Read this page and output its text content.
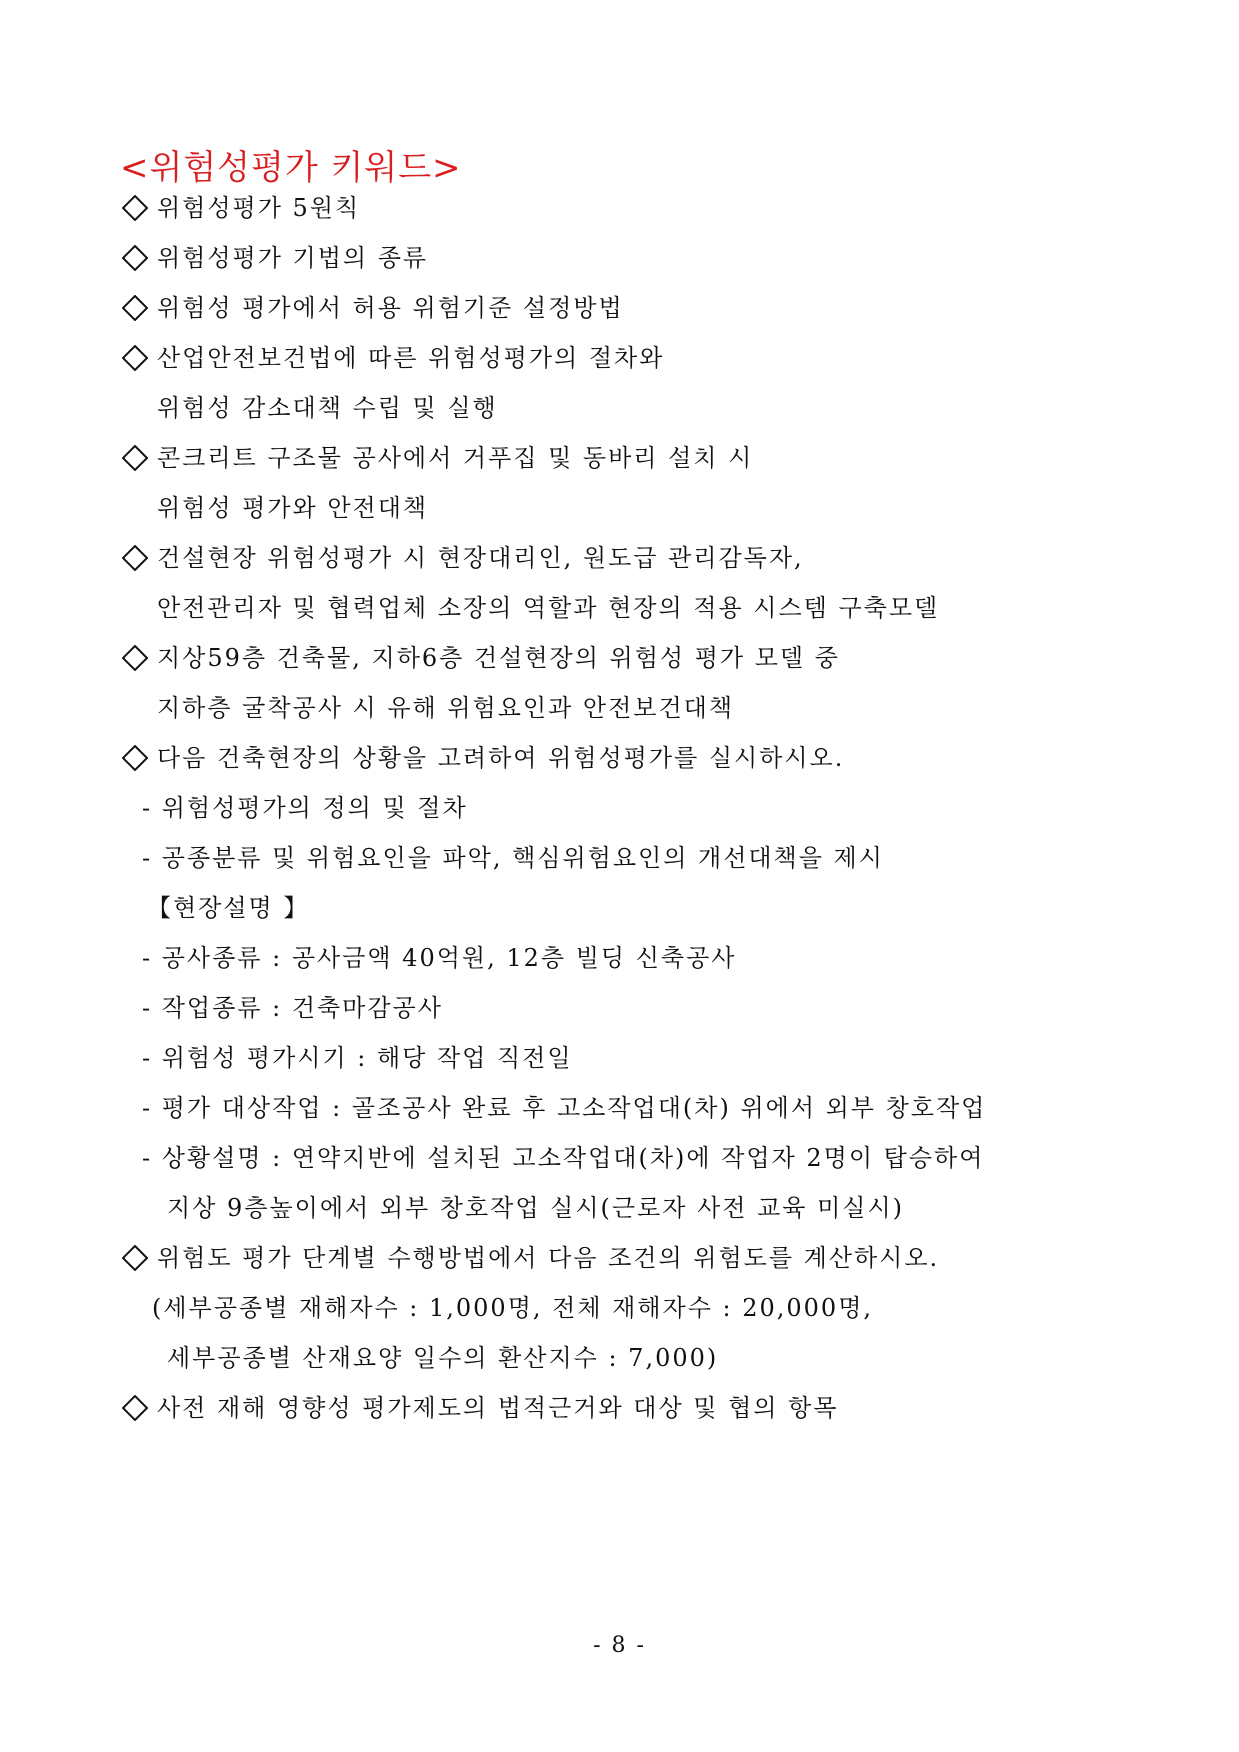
<위험성평가 키워드>
위험성평가 5원칙
위험성평가 기법의 종류
위험성 평가에서 허용 위험기준 설정방법
산업안전보건법에 따른 위험성평가의 절차와
위험성 감소대책 수립 및 실행
콘크리트 구조물 공사에서 거푸집 및 동바리 설치 시
위험성 평가와 안전대책
건설현장 위험성평가 시 현장대리인, 원도급 관리감독자,
안전관리자 및 협력업체 소장의 역할과 현장의 적용 시스템 구축모델
지상59층 건축물, 지하6층 건설현장의 위험성 평가 모델 중
지하층 굴착공사 시 유해 위험요인과 안전보건대책
다음 건축현장의 상황을 고려하여 위험성평가를 실시하시오.
- 위험성평가의 정의 및 절차
- 공종분류 및 위험요인을 파악, 핵심위험요인의 개선대책을 제시
【현장설명 】
- 공사종류 : 공사금액 40억원, 12층 빌딩 신축공사
- 작업종류 : 건축마감공사
- 위험성 평가시기 : 해당 작업 직전일
- 평가 대상작업 : 골조공사 완료 후 고소작업대(차) 위에서 외부 창호작업
- 상황설명 : 연약지반에 설치된 고소작업대(차)에 작업자 2명이 탑승하여
지상 9층높이에서 외부 창호작업 실시(근로자 사전 교육 미실시)
위험도 평가 단계별 수행방법에서 다음 조건의 위험도를 계산하시오.
(세부공종별 재해자수 : 1,000명, 전체 재해자수 : 20,000명,
세부공종별 산재요양 일수의 환산지수 : 7,000)
사전 재해 영향성 평가제도의 법적근거와 대상 및 협의 항목
- 8 -
